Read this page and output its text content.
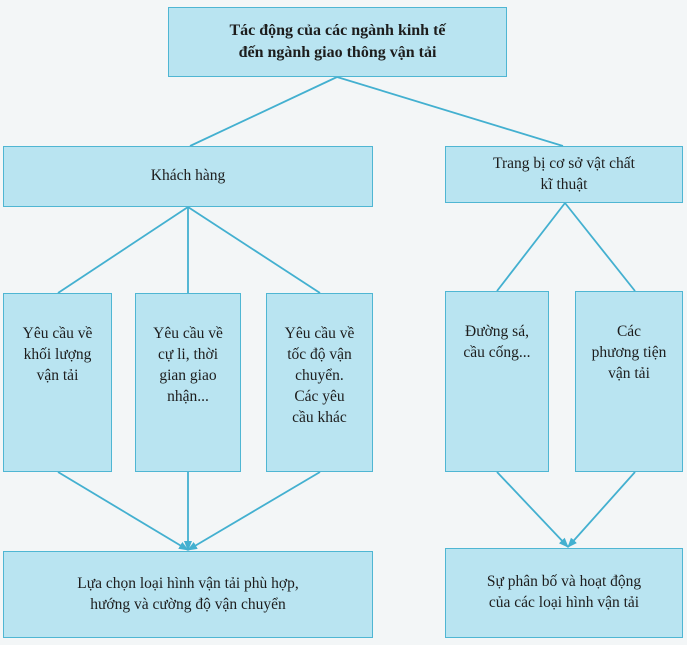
Tác động của các ngành kinh tế
đến ngành giao thông vận tải
Khách hàng
Trang bị cơ sở vật chất
kĩ thuật
Yêu cầu về
khối lượng
vận tải
Yêu cầu về
cự li, thời
gian giao
nhận...
Yêu cầu về
tốc độ vận
chuyển.
Các yêu
cầu khác
Đường sá,
cầu cống...
Các
phương tiện
vận tải
Lựa chọn loại hình vận tải phù hợp,
hướng và cường độ vận chuyển
Sự phân bố và hoạt động
của các loại hình vận tải
